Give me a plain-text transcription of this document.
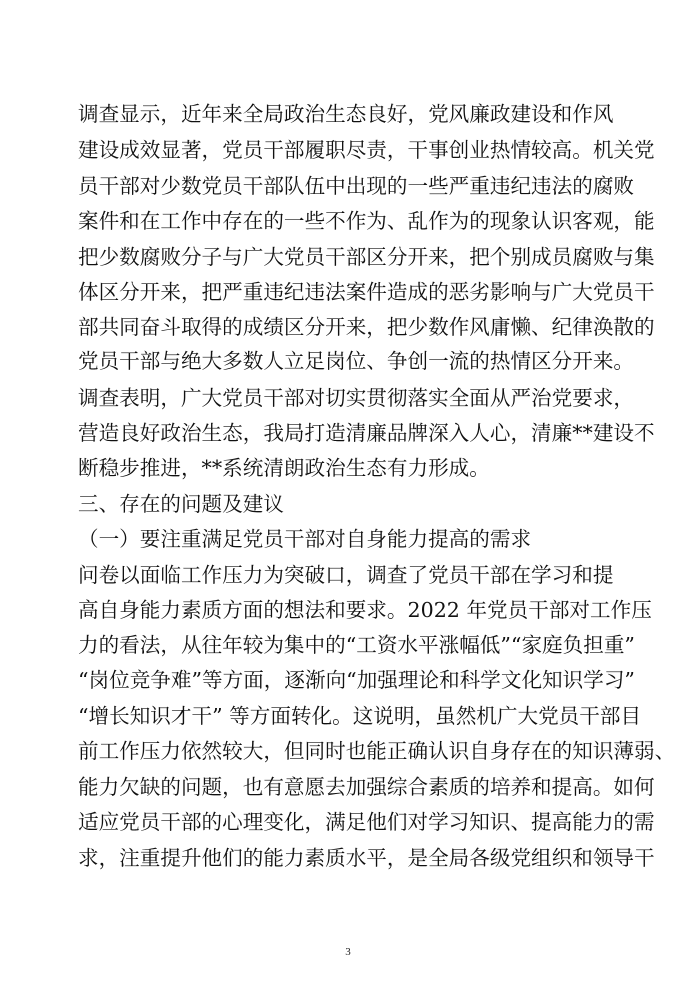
调查显示，近年来全局政治生态良好，党风廉政建设和作风

建设成效显著，党员干部履职尽责，干事创业热情较高。机关党

员干部对少数党员干部队伍中出现的一些严重违纪违法的腐败

案件和在工作中存在的一些不作为、乱作为的现象认识客观，能

把少数腐败分子与广大党员干部区分开来，把个别成员腐败与集

体区分开来，把严重违纪违法案件造成的恶劣影响与广大党员干

部共同奋斗取得的成绩区分开来，把少数作风庸懒、纪律涣散的

党员干部与绝大多数人立足岗位、争创一流的热情区分开来。

调查表明，广大党员干部对切实贯彻落实全面从严治党要求，

营造良好政治生态，我局打造清廉品牌深入人心，清廉**建设不

断稳步推进，**系统清朗政治生态有力形成。

三、存在的问题及建议

（一）要注重满足党员干部对自身能力提高的需求

问卷以面临工作压力为突破口，调查了党员干部在学习和提

高自身能力素质方面的想法和要求。2022 年党员干部对工作压

力的看法，从往年较为集中的“工资水平涨幅低”“家庭负担重”

“岗位竞争难”等方面，逐渐向“加强理论和科学文化知识学习”

“增长知识才干” 等方面转化。这说明，虽然机广大党员干部目

前工作压力依然较大，但同时也能正确认识自身存在的知识薄弱、

能力欠缺的问题，也有意愿去加强综合素质的培养和提高。如何

适应党员干部的心理变化，满足他们对学习知识、提高能力的需

求，注重提升他们的能力素质水平，是全局各级党组织和领导干

3
